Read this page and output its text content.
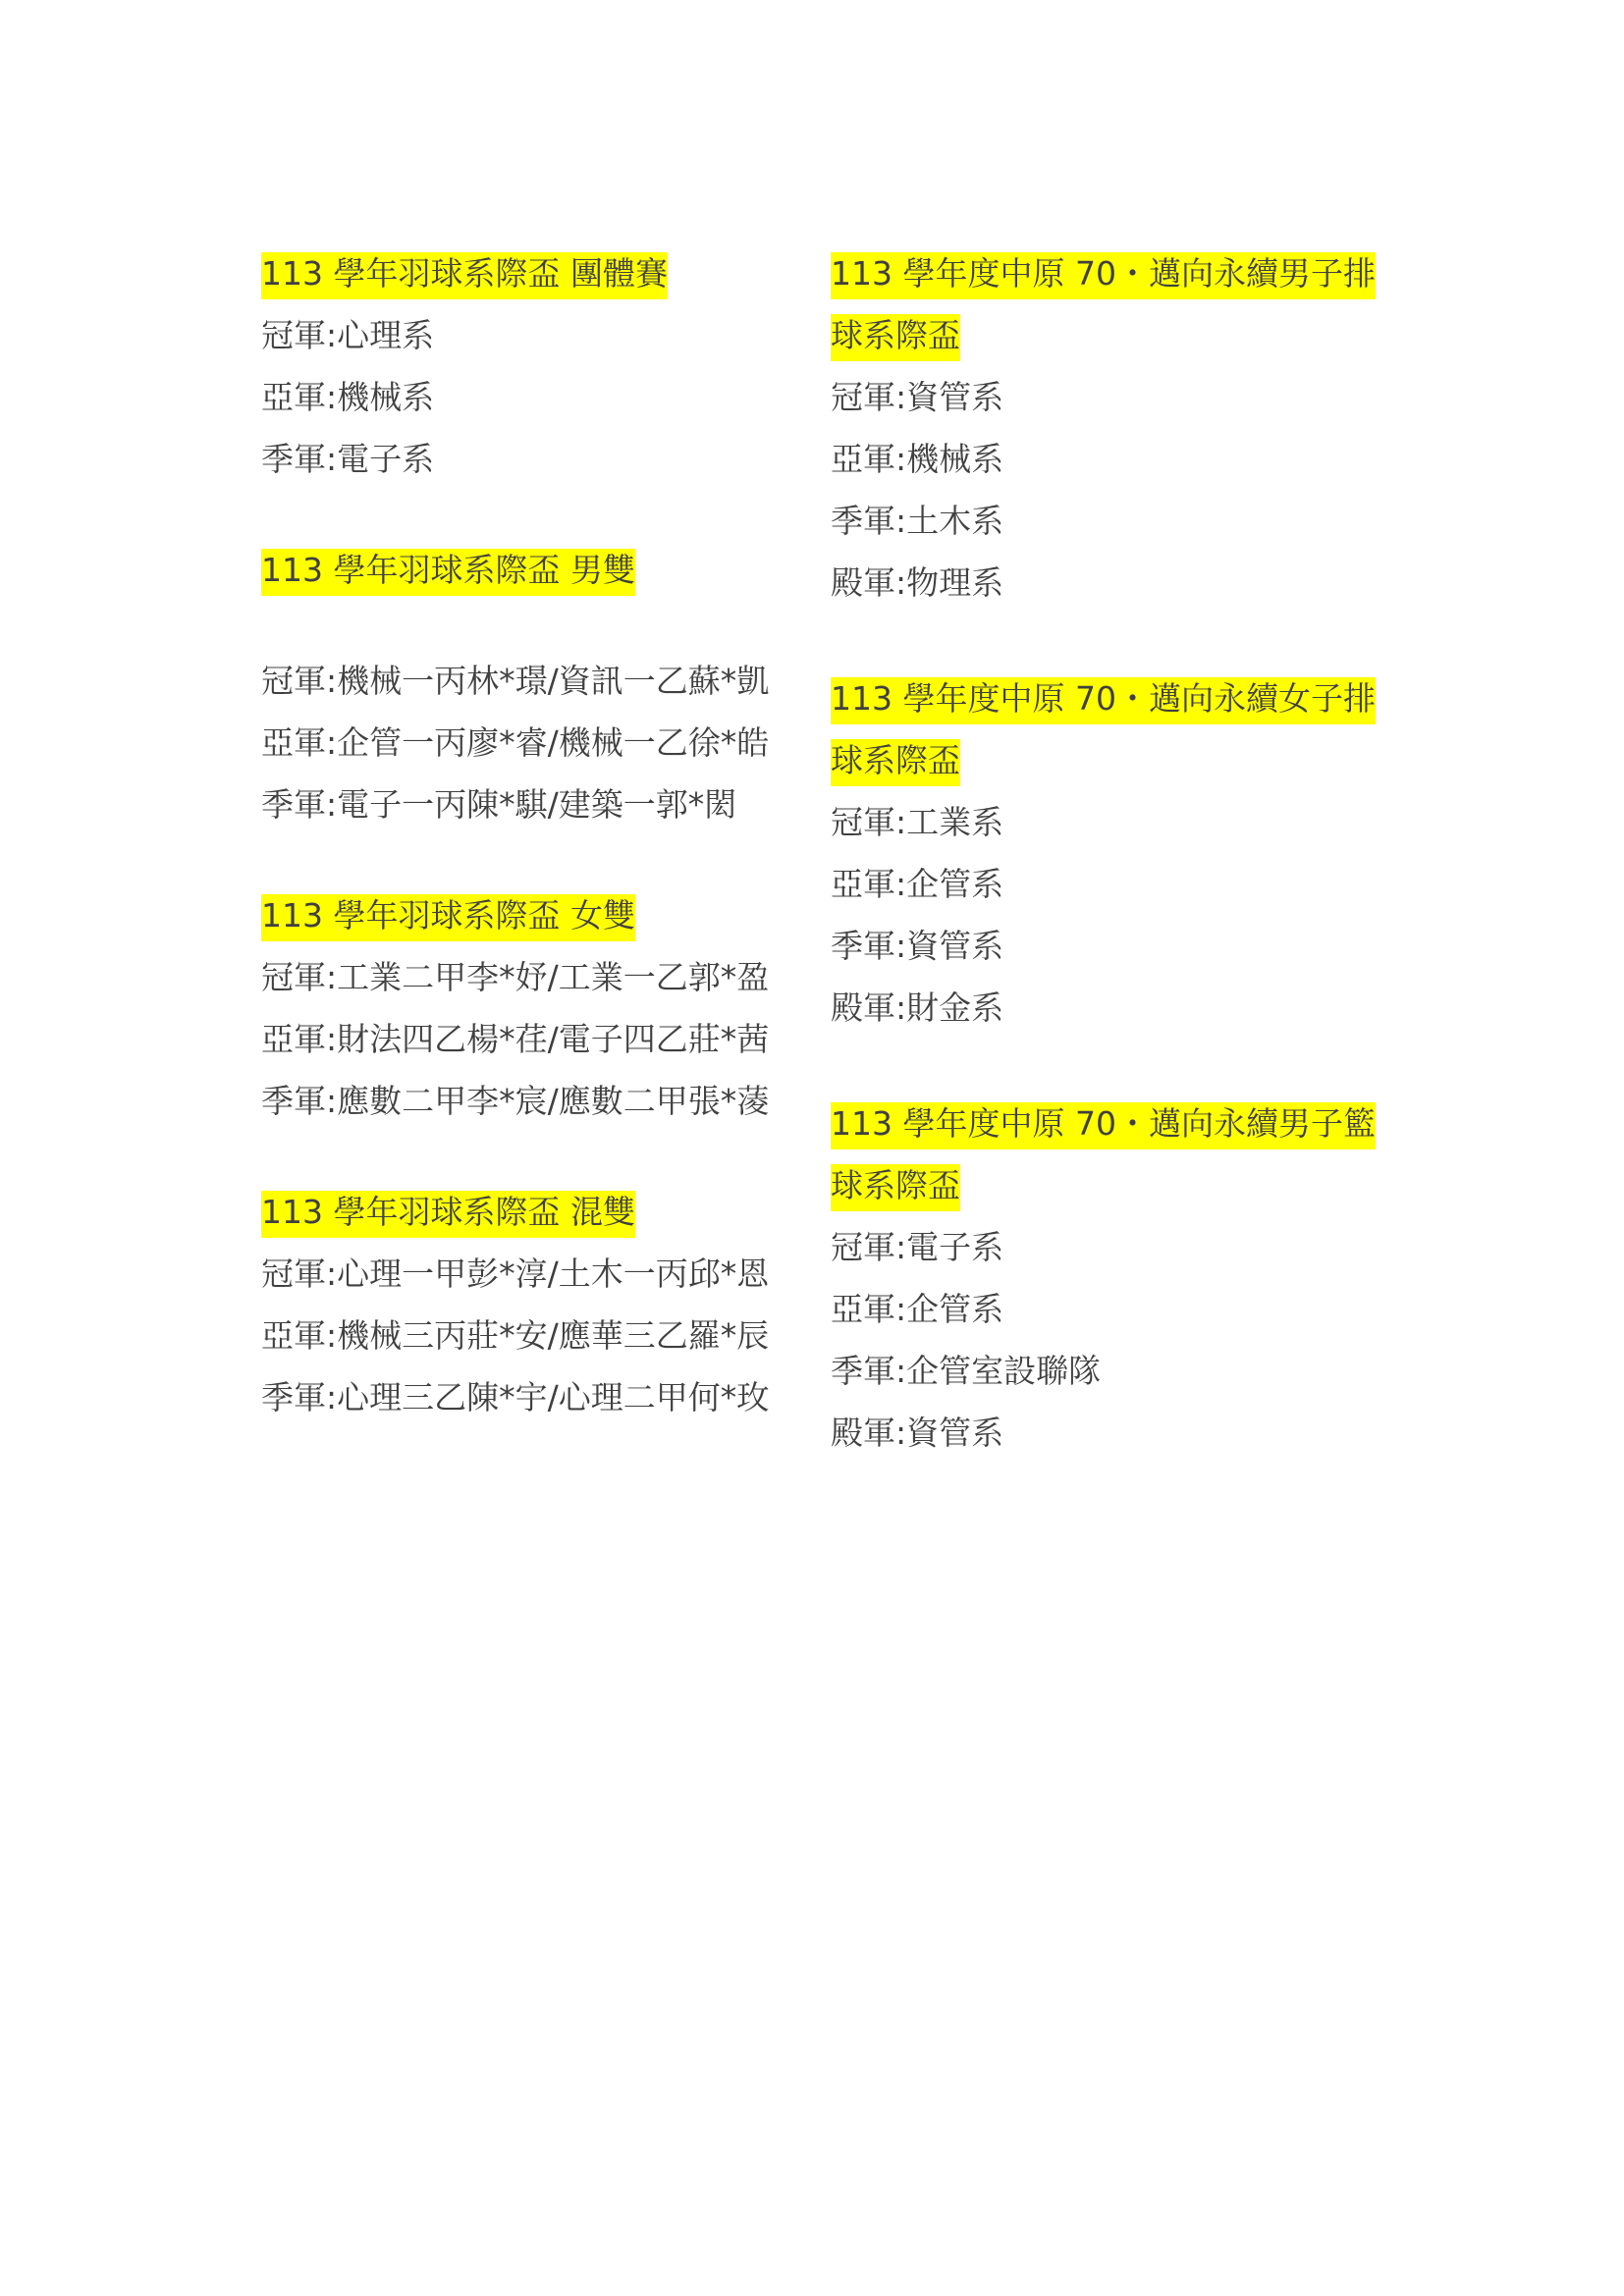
113 學年羽球系際盃 團體賽

冠軍:心理系

亞軍:機械系

季軍:電子系

113 學年羽球系際盃 男雙

冠軍:機械一丙林*璟/資訊一乙蘇*凱

亞軍:企管一丙廖*睿/機械一乙徐*皓

季軍:電子一丙陳*騏/建築一郭*閎

113 學年羽球系際盃 女雙

冠軍:工業二甲李*妤/工業一乙郭*盈

亞軍:財法四乙楊*荏/電子四乙莊*茜

季軍:應數二甲李*宸/應數二甲張*蓤

113 學年羽球系際盃 混雙

冠軍:心理一甲彭*淳/土木一丙邱*恩

亞軍:機械三丙莊*安/應華三乙羅*辰

季軍:心理三乙陳*宇/心理二甲何*玫

113 學年度中原 70・邁向永續男子排

球系際盃

冠軍:資管系

亞軍:機械系

季軍:土木系

殿軍:物理系

113 學年度中原 70・邁向永續女子排

球系際盃

冠軍:工業系

亞軍:企管系

季軍:資管系

殿軍:財金系

113 學年度中原 70・邁向永續男子籃

球系際盃

冠軍:電子系

亞軍:企管系

季軍:企管室設聯隊

殿軍:資管系
